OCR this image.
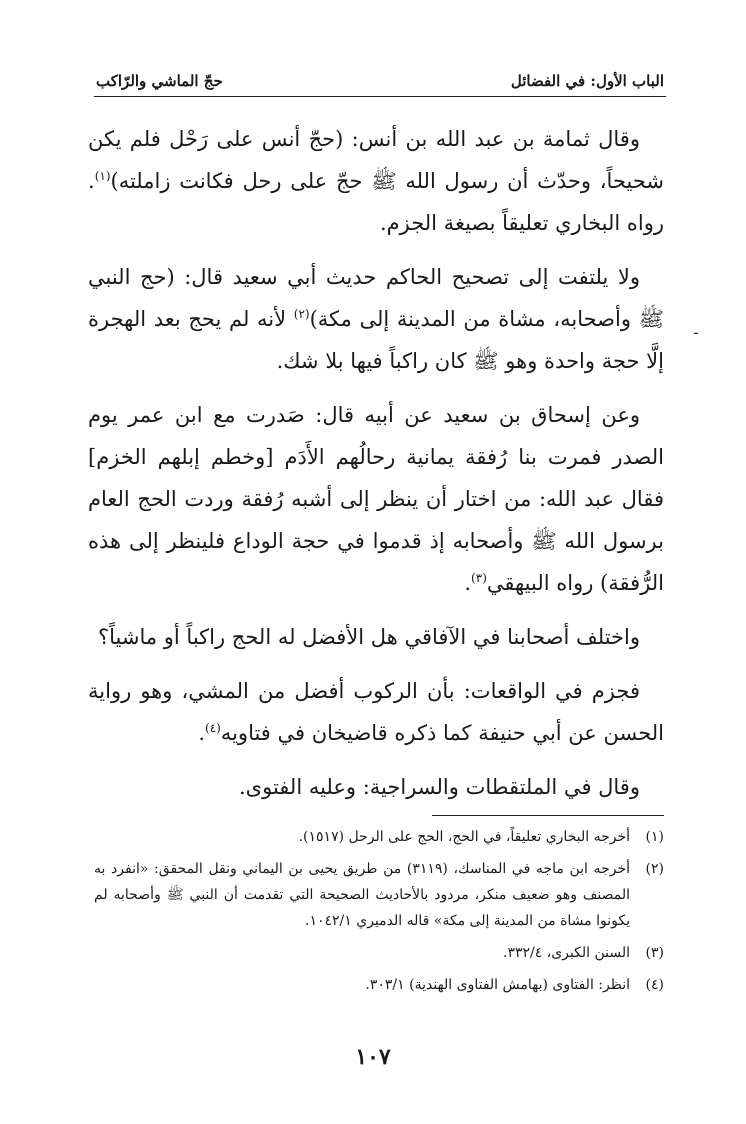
الباب الأول: في الفضائل
حجّ الماشي والرّاكب
ـ

وقال ثمامة بن عبد الله بن أنس: (حجّ أنس على رَحْل فلم يكن شحيحاً، وحدّث أن رسول الله ﷺ حجّ على رحل فكانت زاملته)$^{(١)}$. رواه البخاري تعليقاً بصيغة الجزم.

ولا يلتفت إلى تصحيح الحاكم حديث أبي سعيد قال: (حج النبي ﷺ وأصحابه، مشاة من المدينة إلى مكة)$^{(٢)}$ لأنه لم يحج بعد الهجرة إلَّا حجة واحدة وهو ﷺ كان راكباً فيها بلا شك.

وعن إسحاق بن سعيد عن أبيه قال: صَدرت مع ابن عمر يوم الصدر فمرت بنا رُفقة يمانية رحالُهم الأَدَم [وخطم إبلهم الخزم] فقال عبد الله: من اختار أن ينظر إلى أشبه رُفقة وردت الحج العام برسول الله ﷺ وأصحابه إذ قدموا في حجة الوداع فلينظر إلى هذه الرُّفقة) رواه البيهقي$^{(٣)}$.

واختلف أصحابنا في الآفاقي هل الأفضل له الحج راكباً أو ماشياً؟

فجزم في الواقعات: بأن الركوب أفضل من المشي، وهو رواية الحسن عن أبي حنيفة كما ذكره قاضيخان في فتاويه$^{(٤)}$.

وقال في الملتقطات والسراجية: وعليه الفتوى.

(١)
أخرجه البخاري تعليقاً، في الحج، الحج على الرحل (١٥١٧).
(٢)
أخرجه ابن ماجه في المناسك، (٣١١٩) من طريق يحيى بن اليماني ونقل المحقق: «انفرد به المصنف وهو ضعيف منكر، مردود بالأحاديث الصحيحة التي تقدمت أن النبي ﷺ وأصحابه لم يكونوا مشاة من المدينة إلى مكة» قاله الدميري ١٠٤٢/١.
(٣)
السنن الكبرى، ٣٣٢/٤.
(٤)
انظر: الفتاوى (بهامش الفتاوى الهندية) ٣٠٣/١.
١٠٧
